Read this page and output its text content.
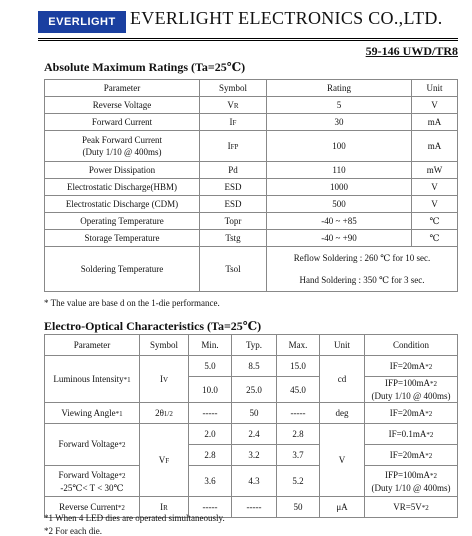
EVERLIGHT EVERLIGHT ELECTRONICS CO.,LTD.
59-146 UWD/TR8
Absolute Maximum Ratings (Ta=25℃)
Parameter	Symbol	Rating	Unit
Reverse Voltage	VR	5	V
Forward Current	IF	30	mA
Peak Forward Current
(Duty 1/10 @ 400ms)	IFP	100	mA
Power Dissipation	Pd	110	mW
Electrostatic Discharge(HBM)	ESD	1000	V
Electrostatic Discharge (CDM)	ESD	500	V
Operating Temperature	Topr	-40 ~ +85	℃
Storage Temperature	Tstg	-40 ~ +90	℃
Soldering Temperature	Tsol	Reflow Soldering : 260 ℃ for 10 sec.	
		Hand Soldering : 350 ℃ for 3 sec.	
* The value are base d on the 1-die performance.
Electro-Optical Characteristics (Ta=25℃)
Parameter	Symbol	Min.	Typ.	Max.	Unit	Condition
Luminous Intensity*1	IV	5.0	8.5	15.0	cd	IF=20mA*2
		10.0	25.0	45.0		IFP=100mA*2
(Duty 1/10 @ 400ms)
Viewing Angle*1	2θ1/2	-----	50	-----	deg	IF=20mA*2
Forward Voltage*2	VF	2.0	2.4	2.8	V	IF=0.1mA*2
		2.8	3.2	3.7		IF=20mA*2
Forward Voltage*2
-25℃< T < 30℃		3.6	4.3	5.2		IFP=100mA*2
(Duty 1/10 @ 400ms)
Reverse Current*2	IR	-----	-----	50	μA	VR=5V*2
*1 When 4 LED dies are operated simultaneously.
*2 For each die.
